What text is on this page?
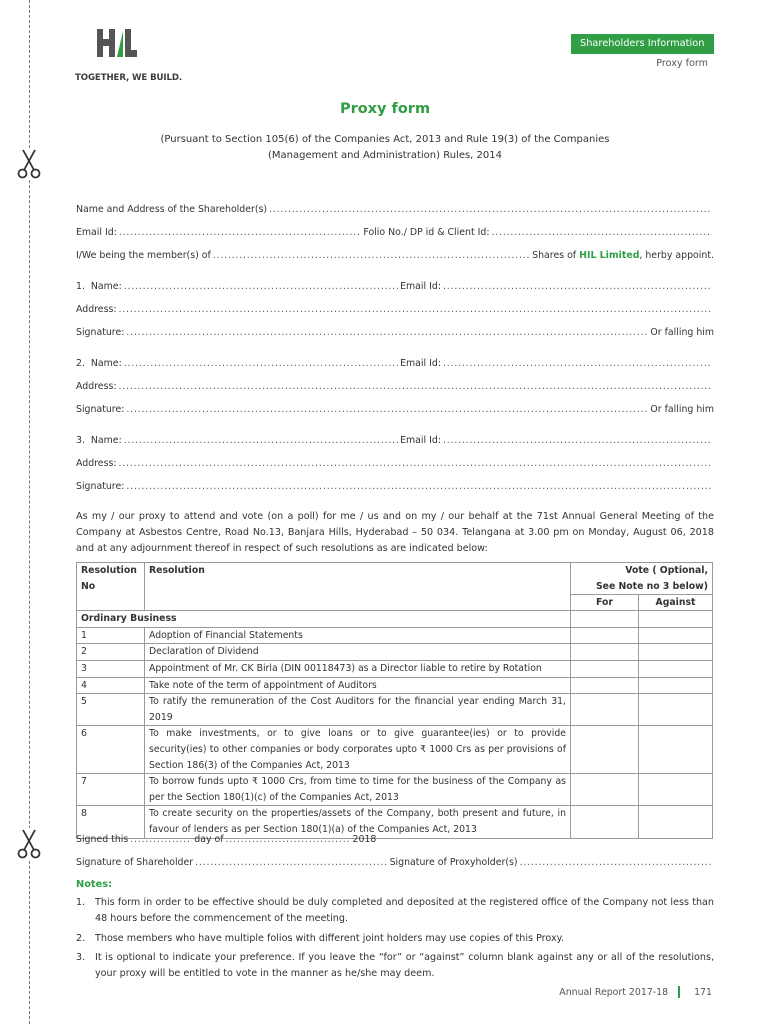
TOGETHER, WE BUILD.
Shareholders Information
Proxy form
Proxy form
(Pursuant to Section 105(6) of the Companies Act, 2013 and Rule 19(3) of the Companies (Management and Administration) Rules, 2014
Name and Address of the Shareholder(s)
.....
Email Id: .....	Folio No./ DP id & Client Id:
.....
I/We being the member(s) of .....	Shares of
HIL Limited , herby appoint.
1.
Name: .....	Email Id:
.....
Address:
.....
Signature: .....	Or falling him
2.
Name: .....	Email Id:
.....
Address:
.....
Signature: .....	Or falling him
3.
Name: .....	Email Id:
.....
Address:
.....
Signature:
.....
As my / our proxy to attend and vote (on a poll) for me / us and on my / our behalf at the 71st Annual General Meeting of the Company at Asbestos Centre, Road No.13, Banjara Hills, Hyderabad – 50 034. Telangana at 3.00 pm on Monday, August 06, 2018 and at any adjournment thereof in respect of such resolutions as are indicated below:
Resolution
No	Resolution	Vote ( Optional,
See Note no 3 below)	

		For	Against
Ordinary Business			
1	Adoption of Financial Statements		
2	Declaration of Dividend		
3	Appointment of Mr. CK Birla (DIN 00118473) as a Director liable to retire by Rotation		
4	Take note of the term of appointment of Auditors		
5	To ratify the remuneration of the Cost Auditors for the financial year ending March 31, 2019		
6	To make investments, or to give loans or to give guarantee(ies) or to provide security(ies) to other companies or body corporates upto ₹ 1000 Crs as per provisions of Section 186(3) of the Companies Act, 2013		
7	To borrow funds upto ₹ 1000 Crs, from time to time for the business of the Company as per the Section 180(1)(c) of the Companies Act, 2013		
8	To create security on the properties/assets of the Company, both present and future, in favour of lenders as per Section 180(1)(a) of the Companies Act, 2013		
Signed this .....	day of .....	2018
Signature of Shareholder .....	Signature of Proxyholder(s)
.....
Notes:
1.	This form in order to be effective should be duly completed and deposited at the registered office of the Company not less than 48 hours before the commencement of the meeting.
2.	Those members who have multiple folios with different joint holders may use copies of this Proxy.
3.	It is optional to indicate your preference. If you leave the “for” or “against” column blank against any or all of the resolutions, your proxy will be entitled to vote in the manner as he/she may deem.
Annual Report 2017-18	171
